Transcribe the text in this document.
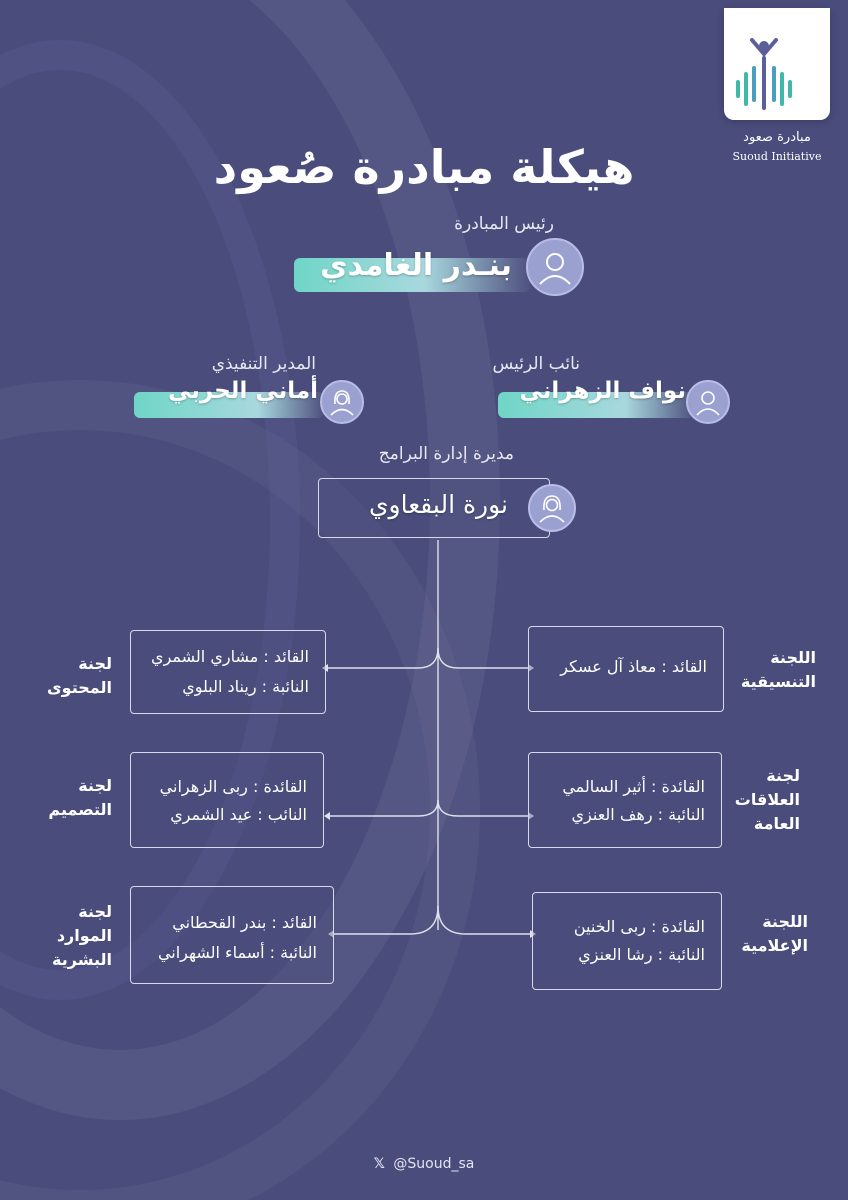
مبادرة صعود
Suoud Initiative
هيكلة مبادرة صُعود
رئيس المبادرة
بنـدر الغامدي
نائب الرئيس
نواف الزهراني
المدير التنفيذي
أماني الحربي
مديرة إدارة البرامج
نورة البقعاوي
لجنة
المحتوى
القائد : مشاري الشمري
النائبة : ريناد البلوي
اللجنة
التنسيقية
القائد : معاذ آل عسكر
لجنة
التصميم
القائدة : ربى الزهراني
النائب : عيد الشمري
لجنة
العلاقات
العامة
القائدة : أثير السالمي
النائبة : رهف العنزي
لجنة
الموارد
البشرية
القائد : بندر القحطاني
النائبة : أسماء الشهراني
اللجنة
الإعلامية
القائدة : ربى الخنين
النائبة : رشا العنزي
𝕏 @Suoud_sa
